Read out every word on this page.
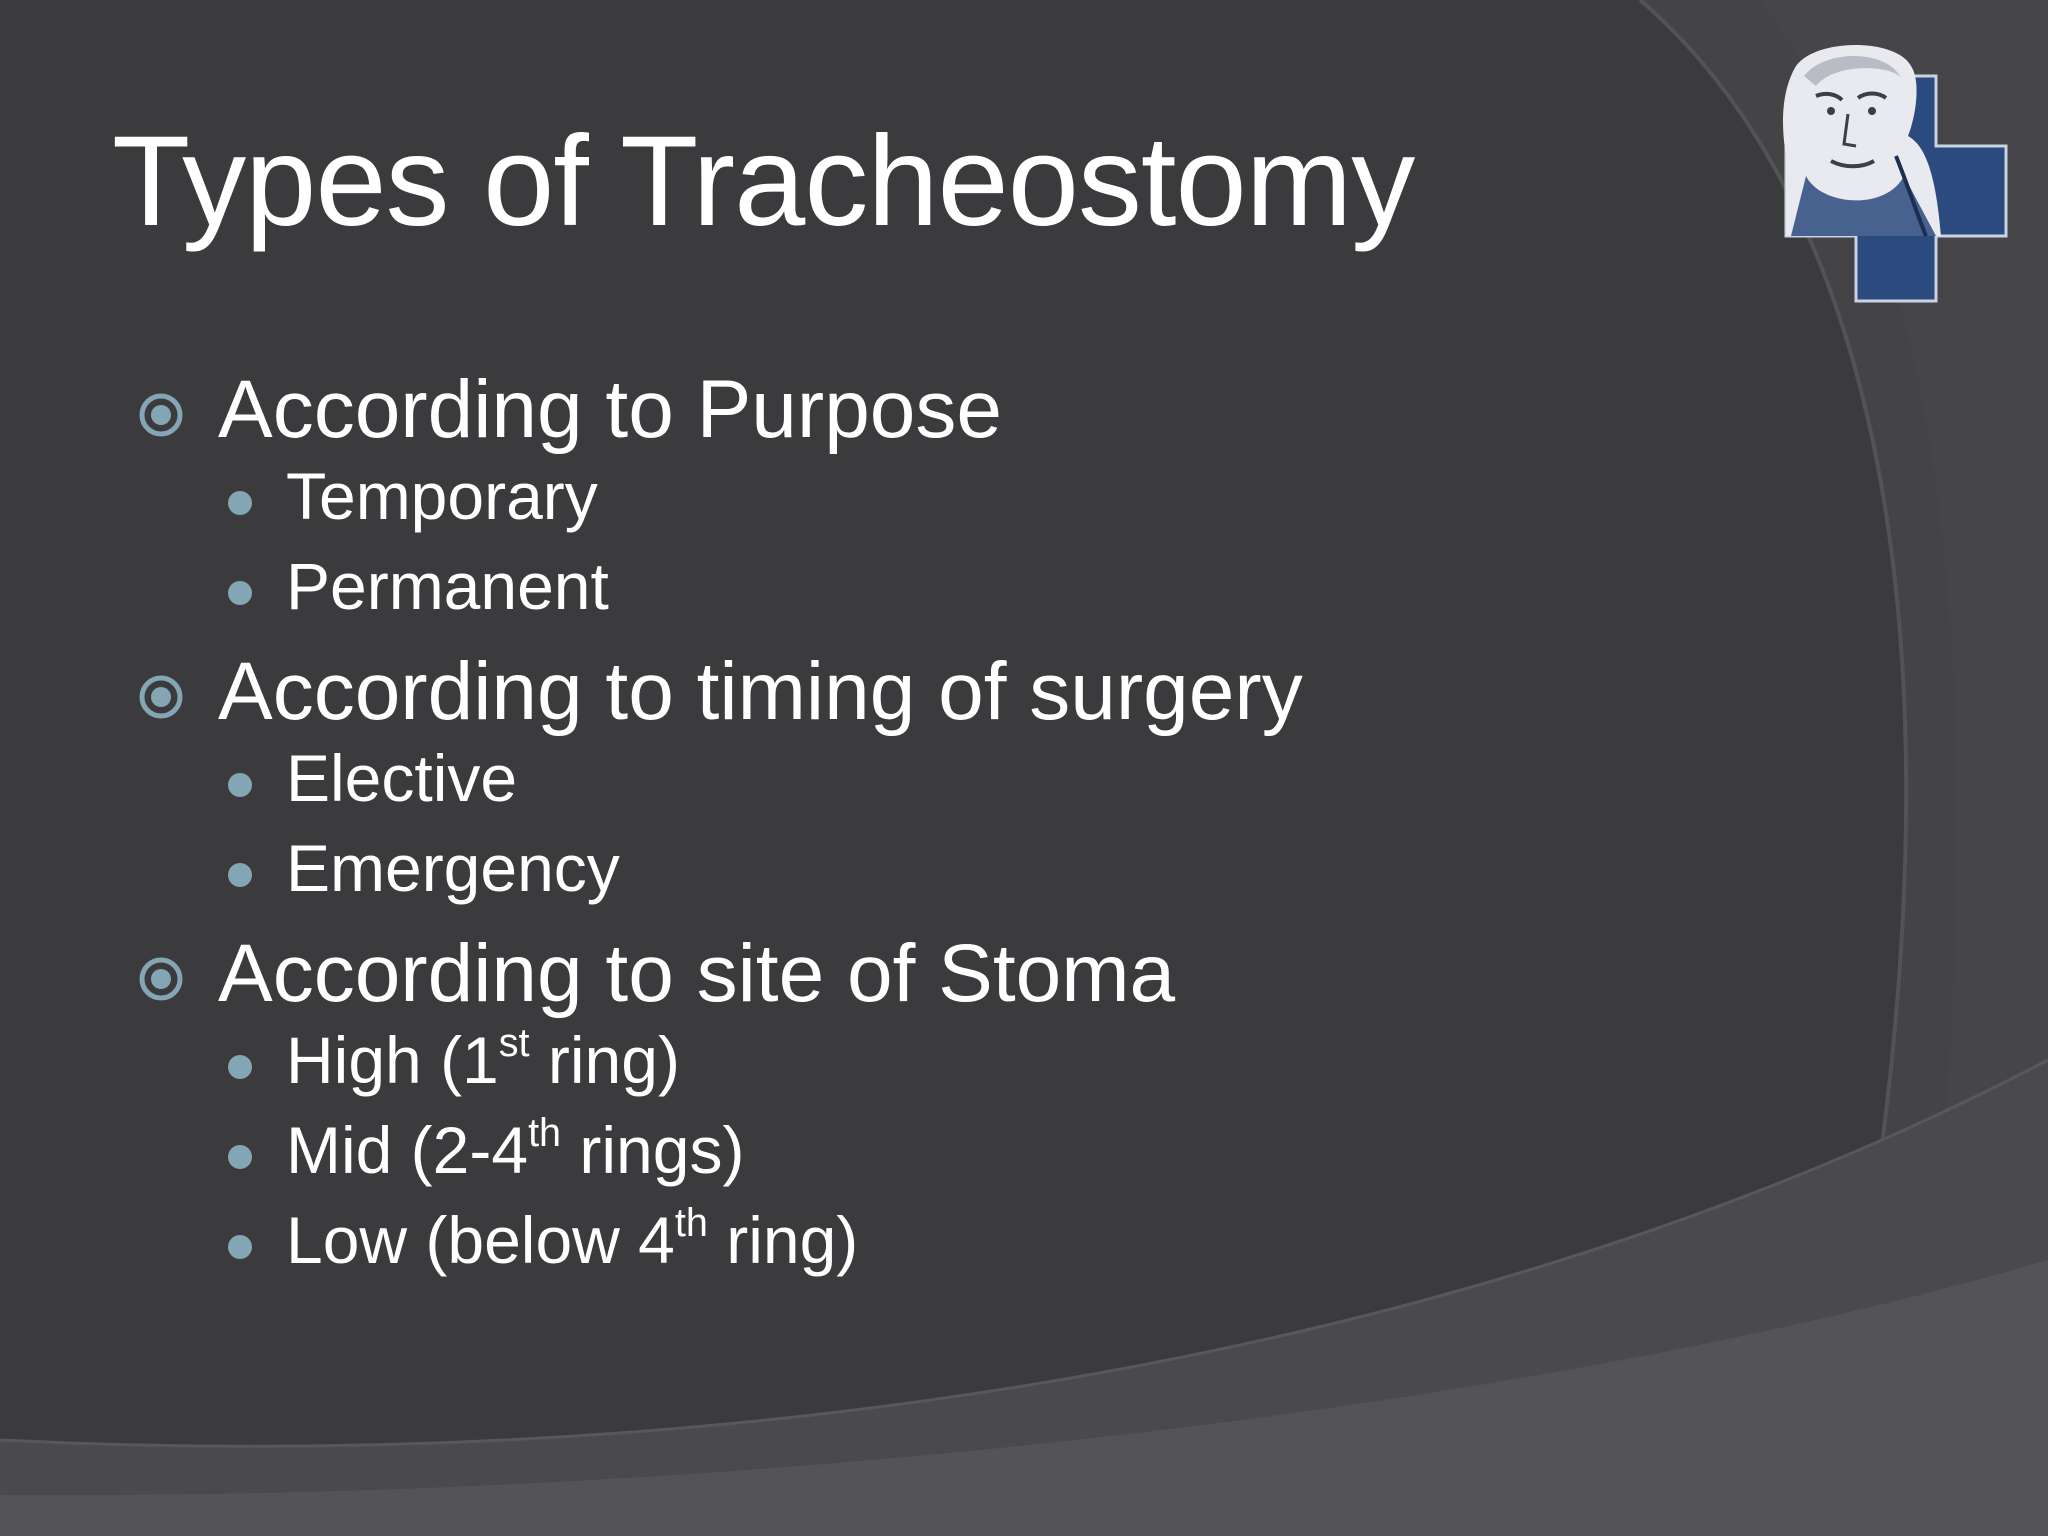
Types of Tracheostomy
According to Purpose
Temporary
Permanent
According to timing of surgery
Elective
Emergency
According to site of Stoma
High (1st ring)
Mid (2-4th rings)
Low (below 4th ring)
